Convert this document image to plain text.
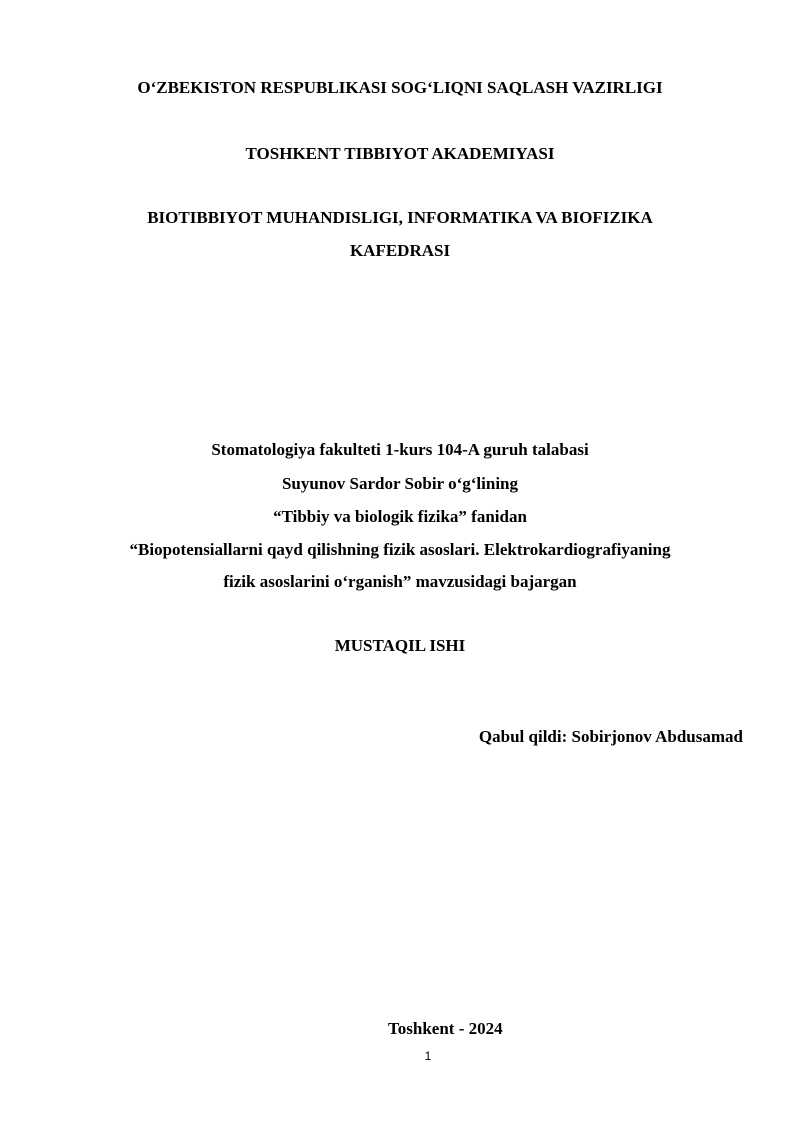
O‘ZBEKISTON RESPUBLIKASI SOG‘LIQNI SAQLASH VAZIRLIGI
TOSHKENT TIBBIYOT AKADEMIYASI
BIOTIBBIYOT MUHANDISLIGI, INFORMATIKA VA BIOFIZIKA
KAFEDRASI
Stomatologiya fakulteti 1-kurs 104-A guruh talabasi
Suyunov Sardor Sobir o‘g‘lining
“Tibbiy va biologik fizika” fanidan
“Biopotensiallarni qayd qilishning fizik asoslari. Elektrokardiografiyaning
fizik asoslarini o‘rganish” mavzusidagi bajargan
MUSTAQIL ISHI
Qabul qildi: Sobirjonov Abdusamad
Toshkent - 2024
1
